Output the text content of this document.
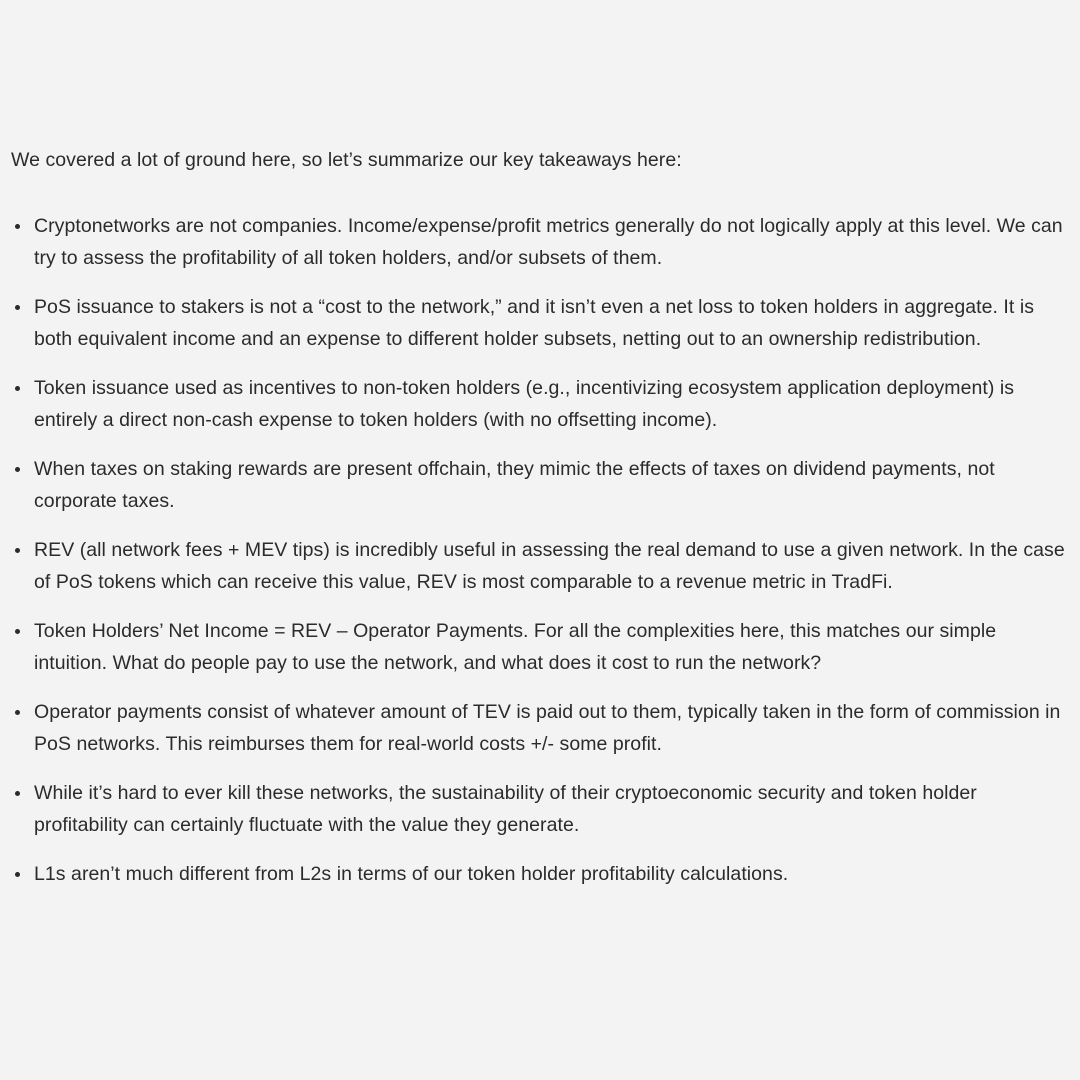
We covered a lot of ground here, so let’s summarize our key takeaways here:

Cryptonetworks are not companies. Income/expense/profit metrics generally do not logically apply at this level. We can try to assess the profitability of all token holders, and/or subsets of them.
PoS issuance to stakers is not a “cost to the network,” and it isn’t even a net loss to token holders in aggregate. It is both equivalent income and an expense to different holder subsets, netting out to an ownership redistribution.
Token issuance used as incentives to non-token holders (e.g., incentivizing ecosystem application deployment) is entirely a direct non-cash expense to token holders (with no offsetting income).
When taxes on staking rewards are present offchain, they mimic the effects of taxes on dividend payments, not corporate taxes.
REV (all network fees + MEV tips) is incredibly useful in assessing the real demand to use a given network. In the case of PoS tokens which can receive this value, REV is most comparable to a revenue metric in TradFi.
Token Holders’ Net Income = REV – Operator Payments. For all the complexities here, this matches our simple intuition. What do people pay to use the network, and what does it cost to run the network?
Operator payments consist of whatever amount of TEV is paid out to them, typically taken in the form of commission in PoS networks. This reimburses them for real-world costs +/- some profit.
While it’s hard to ever kill these networks, the sustainability of their cryptoeconomic security and token holder profitability can certainly fluctuate with the value they generate.
L1s aren’t much different from L2s in terms of our token holder profitability calculations.
